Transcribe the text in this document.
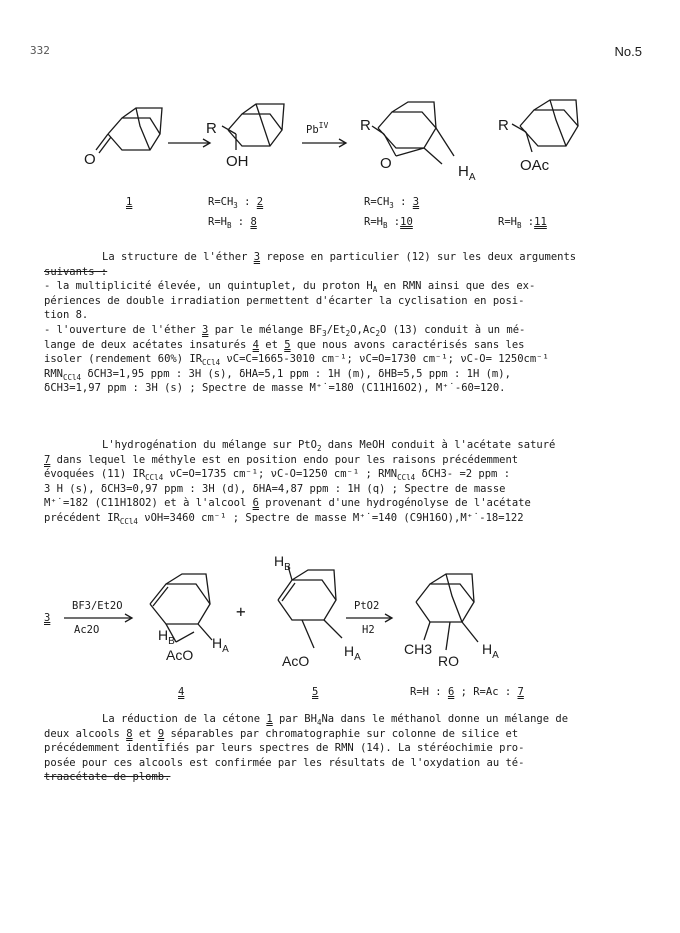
332	No.5
O
R
OH
R
O	$H_A$
R
OAc
$Pb^{IV}$
1	$R=CH_3$ : 2
$R=H_B$ : 8
$R=CH_3$ : 3
$R=H_B$ :10	$R=H_B$ :11

La structure de l'éther 3 repose en particulier (12) sur les deux arguments

suivants :

- la multiplicité élevée, un quintuplet, du proton $H_A$ en RMN ainsi que des ex-

périences de double irradiation permettent d'écarter la cyclisation en posi-

tion 8.

- l'ouverture de l'éther 3 par le mélange $BF_3/Et_2O,Ac_2O$ (13) conduit à un mé-

lange de deux acétates insaturés 4 et 5 que nous avons caractérisés sans les

isoler (rendement 60%) $IR_{CCl4}$ νC=C=1665-3010 cm⁻¹; νC=O=1730 cm⁻¹; νC-O= 1250cm⁻¹

$RMN_{CCl4}$ δCH3=1,95 ppm : 3H (s), δHA=5,1 ppm : 1H (m), δHB=5,5 ppm : 1H (m),

δCH3=1,97 ppm : 3H (s) ; Spectre de masse M⁺˙=180 (C11H16O2), M⁺˙-60=120.

L'hydrogénation du mélange sur PtO$_2$ dans MeOH conduit à l'acétate saturé

7 dans lequel le méthyle est en position endo pour les raisons précédemment

évoquées (11) $IR_{CCl4}$ νC=O=1735 cm⁻¹; νC-O=1250 cm⁻¹ ; $RMN_{CCl4}$ δCH3- =2 ppm :

3 H (s), δCH3=0,97 ppm : 3H (d), δHA=4,87 ppm : 1H (q) ; Spectre de masse

M⁺˙=182 (C11H18O2) et à l'alcool 6 provenant d'une hydrogénolyse de l'acétate

précédent $IR_{CCl4}$ νOH=3460 cm⁻¹ ; Spectre de masse M⁺˙=140 (C9H16O),M⁺˙-18=122

$H_B$	$H_A$
AcO
$H_B$
$H_A$
AcO
CH3	$H_A$
RO
3
BF3/Et2O
Ac2O
+	PtO2
H2
4	5	R=H : 6 ; R=Ac : 7

La réduction de la cétone 1 par $BH_4Na$ dans le méthanol donne un mélange de

deux alcools 8 et 9 séparables par chromatographie sur colonne de silice et

précédemment identifiés par leurs spectres de RMN (14). La stéréochimie pro-

posée pour ces alcools est confirmée par les résultats de l'oxydation au té-

traacétate de plomb.
